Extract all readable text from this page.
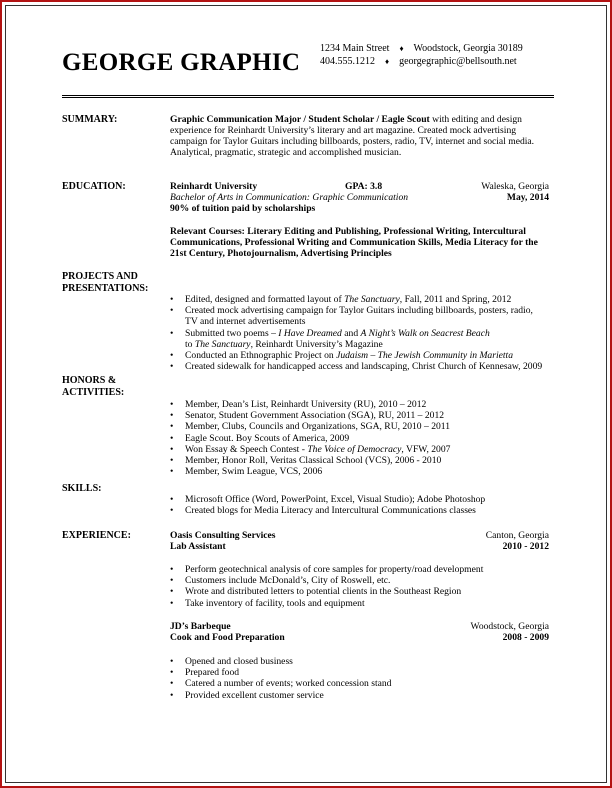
GEORGE GRAPHIC
1234 Main Street ♦ Woodstock, Georgia 30189
404.555.1212 ♦ georgegraphic@bellsouth.net
SUMMARY:	Graphic Communication Major / Student Scholar / Eagle Scout with editing and design
experience for Reinhardt University’s literary and art magazine. Created mock advertising
campaign for Taylor Guitars including billboards, posters, radio, TV, internet and social media.
Analytical, pragmatic, strategic and accomplished musician.
EDUCATION:	Reinhardt University	GPA: 3.8	Waleska, Georgia
Bachelor of Arts in Communication: Graphic Communication	May, 2014
90% of tuition paid by scholarships
Relevant Courses: Literary Editing and Publishing, Professional Writing, Intercultural
Communications, Professional Writing and Communication Skills, Media Literacy for the
21st Century, Photojournalism, Advertising Principles
PROJECTS AND
PRESENTATIONS:
• Edited, designed and formatted layout of The Sanctuary, Fall, 2011 and Spring, 2012
• Created mock advertising campaign for Taylor Guitars including billboards, posters, radio,
TV and internet advertisements
• Submitted two poems – I Have Dreamed and A Night’s Walk on Seacrest Beach
to The Sanctuary, Reinhardt University’s Magazine
• Conducted an Ethnographic Project on Judaism – The Jewish Community in Marietta
• Created sidewalk for handicapped access and landscaping, Christ Church of Kennesaw, 2009
HONORS &
ACTIVITIES:
• Member, Dean’s List, Reinhardt University (RU), 2010 – 2012
• Senator, Student Government Association (SGA), RU, 2011 – 2012
• Member, Clubs, Councils and Organizations, SGA, RU, 2010 – 2011
• Eagle Scout. Boy Scouts of America, 2009
• Won Essay & Speech Contest - The Voice of Democracy, VFW, 2007
• Member, Honor Roll, Veritas Classical School (VCS), 2006 - 2010
• Member, Swim League, VCS, 2006
SKILLS:
• Microsoft Office (Word, PowerPoint, Excel, Visual Studio); Adobe Photoshop
• Created blogs for Media Literacy and Intercultural Communications classes
EXPERIENCE:	Oasis Consulting Services	Canton, Georgia
Lab Assistant	2010 - 2012
• Perform geotechnical analysis of core samples for property/road development
• Customers include McDonald’s, City of Roswell, etc.
• Wrote and distributed letters to potential clients in the Southeast Region
• Take inventory of facility, tools and equipment
JD’s Barbeque	Woodstock, Georgia
Cook and Food Preparation	2008 - 2009
• Opened and closed business
• Prepared food
• Catered a number of events; worked concession stand
• Provided excellent customer service
